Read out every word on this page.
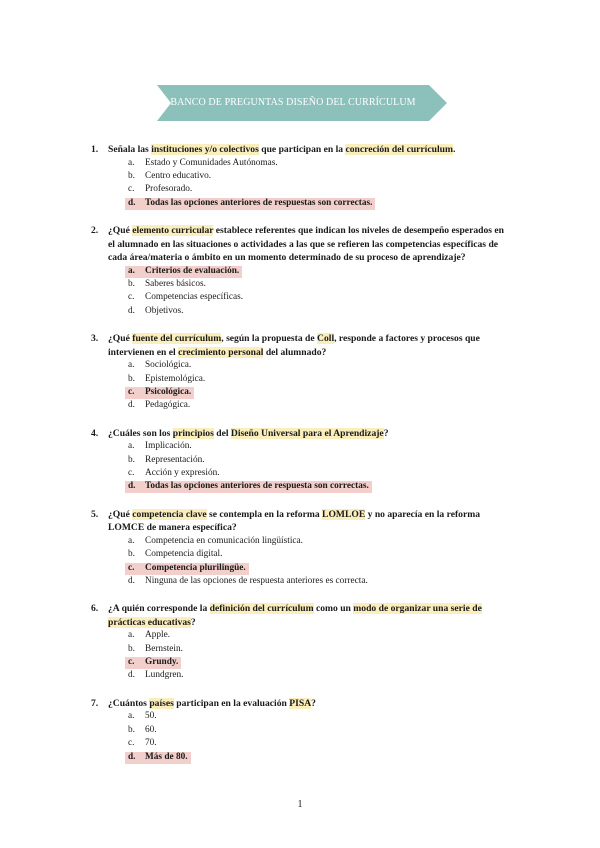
BANCO DE PREGUNTAS DISEÑO DEL CURRÍCULUM
1. Señala las instituciones y/o colectivos que participan en la concreción del currículum.
a. Estado y Comunidades Autónomas.
b. Centro educativo.
c. Profesorado.
d. Todas las opciones anteriores de respuestas son correctas.
2. ¿Qué elemento curricular establece referentes que indican los niveles de desempeño esperados en el alumnado en las situaciones o actividades a las que se refieren las competencias específicas de cada área/materia o ámbito en un momento determinado de su proceso de aprendizaje?
a. Criterios de evaluación.
b. Saberes básicos.
c. Competencias específicas.
d. Objetivos.
3. ¿Qué fuente del currículum, según la propuesta de Coll, responde a factores y procesos que intervienen en el crecimiento personal del alumnado?
a. Sociológica.
b. Epistemológica.
c. Psicológica.
d. Pedagógica.
4. ¿Cuáles son los principios del Diseño Universal para el Aprendizaje?
a. Implicación.
b. Representación.
c. Acción y expresión.
d. Todas las opciones anteriores de respuesta son correctas.
5. ¿Qué competencia clave se contempla en la reforma LOMLOE y no aparecía en la reforma LOMCE de manera específica?
a. Competencia en comunicación lingüística.
b. Competencia digital.
c. Competencia plurilingüe.
d. Ninguna de las opciones de respuesta anteriores es correcta.
6. ¿A quién corresponde la definición del currículum como un modo de organizar una serie de prácticas educativas?
a. Apple.
b. Bernstein.
c. Grundy.
d. Lundgren.
7. ¿Cuántos países participan en la evaluación PISA?
a. 50.
b. 60.
c. 70.
d. Más de 80.
1
